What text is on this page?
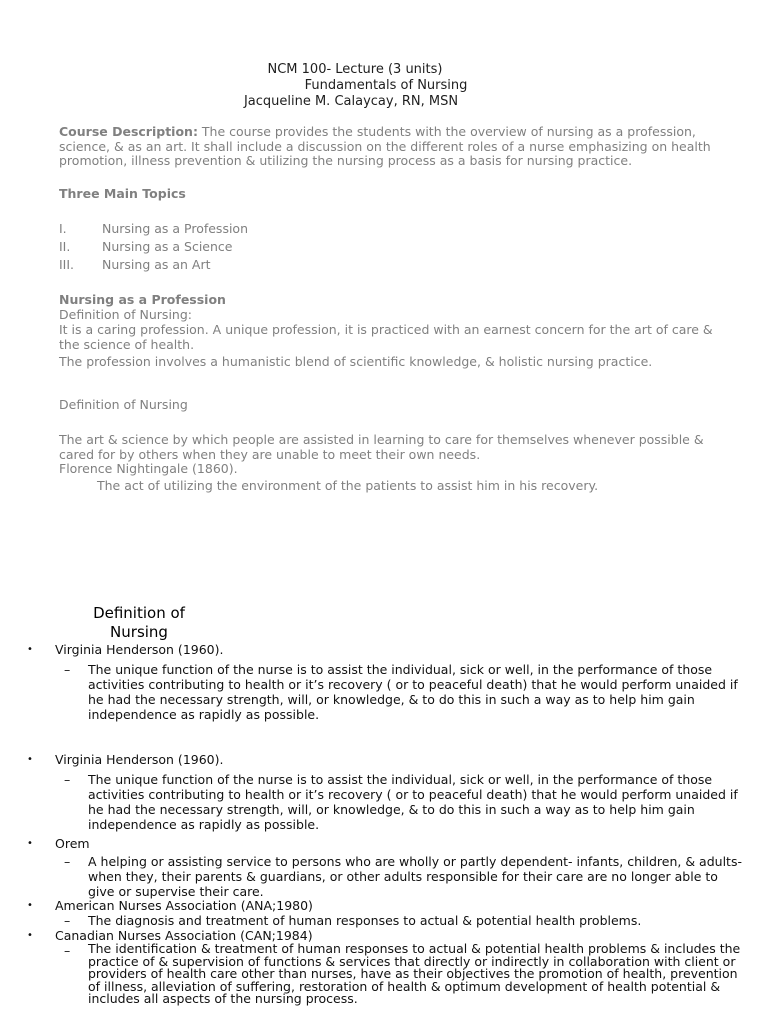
NCM 100- Lecture (3 units)
Fundamentals of Nursing
Jacqueline M. Calaycay, RN, MSN
Course Description: The course provides the students with the overview of nursing as a profession, science, & as an art. It shall include a discussion on the different roles of a nurse emphasizing on health promotion, illness prevention & utilizing the nursing process as a basis for nursing practice.
Three Main Topics
I.	Nursing as a Profession
II.	Nursing as a Science
III.	Nursing as an Art
Nursing as a Profession
Definition of Nursing:
It is a caring profession. A unique profession, it is practiced with an earnest concern for the art of care & the science of health.
The profession involves a humanistic blend of scientific knowledge, & holistic nursing practice.
Definition of Nursing
The art & science by which people are assisted in learning to care for themselves whenever possible & cared for by others when they are unable to meet their own needs.
Florence Nightingale (1860).
The act of utilizing the environment of the patients to assist him in his recovery.
Definition of Nursing
• Virginia Henderson (1960).
– The unique function of the nurse is to assist the individual, sick or well, in the performance of those activities contributing to health or it’s recovery ( or to peaceful death) that he would perform unaided if he had the necessary strength, will, or knowledge, & to do this in such a way as to help him gain independence as rapidly as possible.
• Virginia Henderson (1960).
– The unique function of the nurse is to assist the individual, sick or well, in the performance of those activities contributing to health or it’s recovery ( or to peaceful death) that he would perform unaided if he had the necessary strength, will, or knowledge, & to do this in such a way as to help him gain independence as rapidly as possible.
• Orem
– A helping or assisting service to persons who are wholly or partly dependent- infants, children, & adults- when they, their parents & guardians, or other adults responsible for their care are no longer able to give or supervise their care.
• American Nurses Association (ANA;1980)
– The diagnosis and treatment of human responses to actual & potential health problems.
• Canadian Nurses Association (CAN;1984)
– The identification & treatment of human responses to actual & potential health problems & includes the practice of & supervision of functions & services that directly or indirectly in collaboration with client or providers of health care other than nurses, have as their objectives the promotion of health, prevention of illness, alleviation of suffering, restoration of health & optimum development of health potential & includes all aspects of the nursing process.
